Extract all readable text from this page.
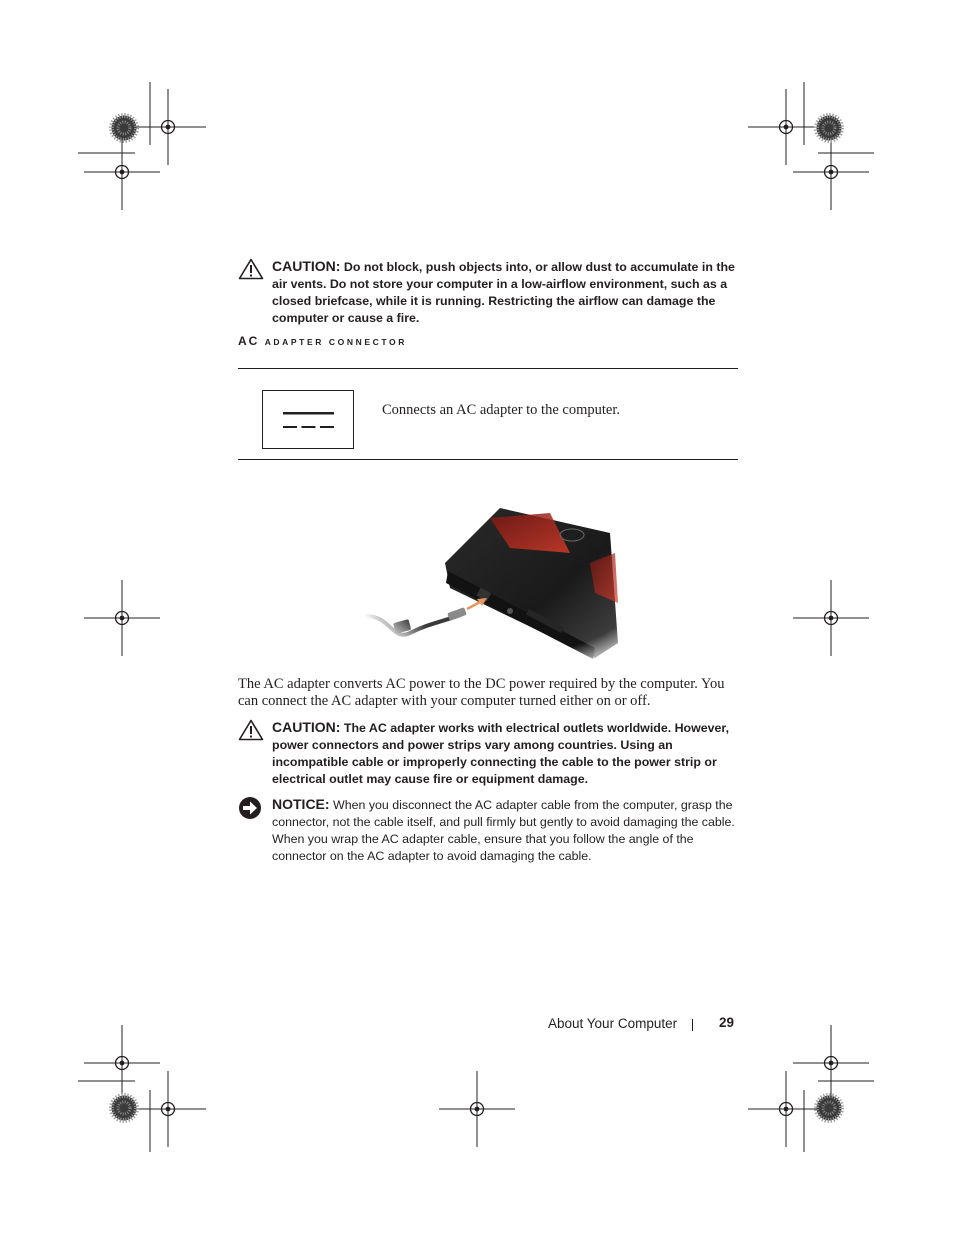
CAUTION: Do not block, push objects into, or allow dust to accumulate in the air vents. Do not store your computer in a low-airflow environment, such as a closed briefcase, while it is running. Restricting the airflow can damage the computer or cause a fire.
AC ADAPTER CONNECTOR
Connects an AC adapter to the computer.
The AC adapter converts AC power to the DC power required by the computer. You can connect the AC adapter with your computer turned either on or off.
CAUTION: The AC adapter works with electrical outlets worldwide. However, power connectors and power strips vary among countries. Using an incompatible cable or improperly connecting the cable to the power strip or electrical outlet may cause fire or equipment damage.
NOTICE: When you disconnect the AC adapter cable from the computer, grasp the connector, not the cable itself, and pull firmly but gently to avoid damaging the cable. When you wrap the AC adapter cable, ensure that you follow the angle of the connector on the AC adapter to avoid damaging the cable.
About Your Computer	29
